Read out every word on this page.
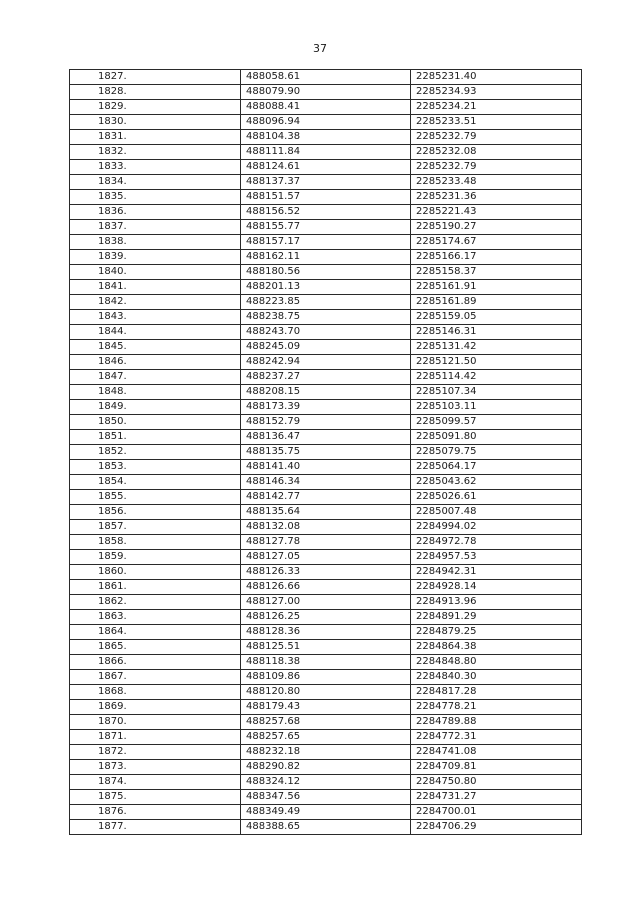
37
1827.	488058.61	2285231.40
1828.	488079.90	2285234.93
1829.	488088.41	2285234.21
1830.	488096.94	2285233.51
1831.	488104.38	2285232.79
1832.	488111.84	2285232.08
1833.	488124.61	2285232.79
1834.	488137.37	2285233.48
1835.	488151.57	2285231.36
1836.	488156.52	2285221.43
1837.	488155.77	2285190.27
1838.	488157.17	2285174.67
1839.	488162.11	2285166.17
1840.	488180.56	2285158.37
1841.	488201.13	2285161.91
1842.	488223.85	2285161.89
1843.	488238.75	2285159.05
1844.	488243.70	2285146.31
1845.	488245.09	2285131.42
1846.	488242.94	2285121.50
1847.	488237.27	2285114.42
1848.	488208.15	2285107.34
1849.	488173.39	2285103.11
1850.	488152.79	2285099.57
1851.	488136.47	2285091.80
1852.	488135.75	2285079.75
1853.	488141.40	2285064.17
1854.	488146.34	2285043.62
1855.	488142.77	2285026.61
1856.	488135.64	2285007.48
1857.	488132.08	2284994.02
1858.	488127.78	2284972.78
1859.	488127.05	2284957.53
1860.	488126.33	2284942.31
1861.	488126.66	2284928.14
1862.	488127.00	2284913.96
1863.	488126.25	2284891.29
1864.	488128.36	2284879.25
1865.	488125.51	2284864.38
1866.	488118.38	2284848.80
1867.	488109.86	2284840.30
1868.	488120.80	2284817.28
1869.	488179.43	2284778.21
1870.	488257.68	2284789.88
1871.	488257.65	2284772.31
1872.	488232.18	2284741.08
1873.	488290.82	2284709.81
1874.	488324.12	2284750.80
1875.	488347.56	2284731.27
1876.	488349.49	2284700.01
1877.	488388.65	2284706.29
